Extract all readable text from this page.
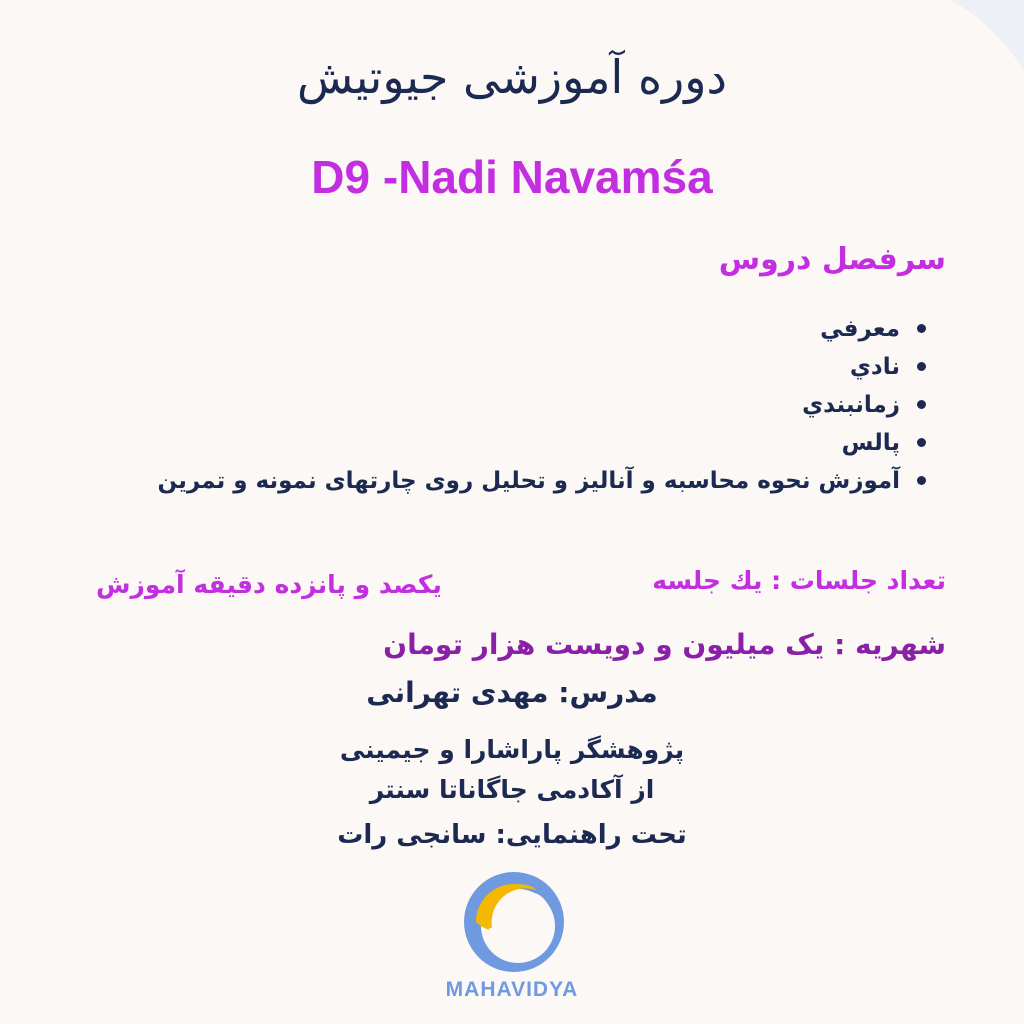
دوره آموزشی جیوتیش
D9 -Nadi Navamśa
سرفصل دروس
معرفي
نادي
زمانبندي
پالس
آموزش نحوه محاسبه و آنالیز و تحلیل روی چارتهای نمونه و تمرین
تعداد جلسات : یك جلسه
یکصد و پانزده دقیقه آموزش
شهریه : یک میلیون و دویست هزار تومان
مدرس: مهدی تهرانی
پژوهشگر پاراشارا و جیمینی
از آکادمی جاگاناتا سنتر
تحت راهنمایی: سانجی رات
MAHAVIDYA
